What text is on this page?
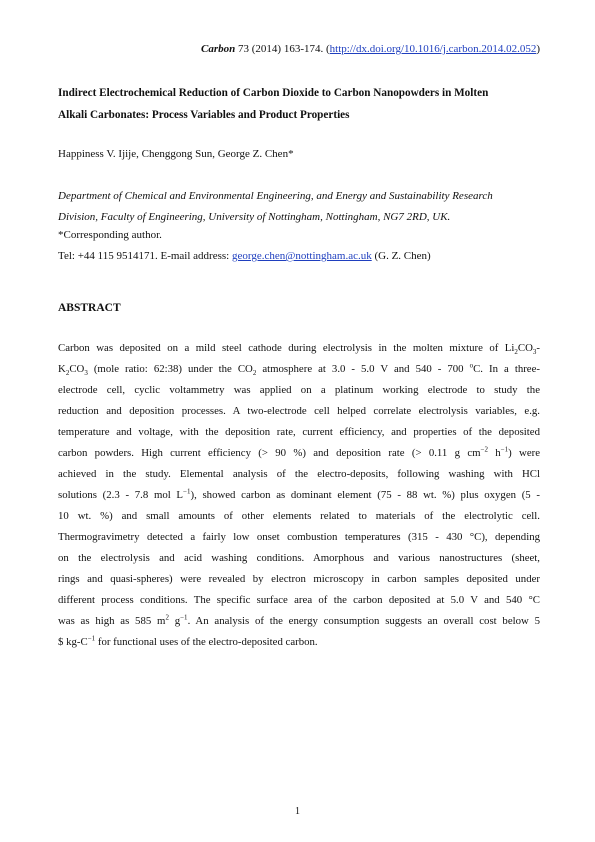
Carbon 73 (2014) 163-174. (http://dx.doi.org/10.1016/j.carbon.2014.02.052)
Indirect Electrochemical Reduction of Carbon Dioxide to Carbon Nanopowders in Molten
Alkali Carbonates: Process Variables and Product Properties
Happiness V. Ijije, Chenggong Sun, George Z. Chen*
Department of Chemical and Environmental Engineering, and Energy and Sustainability Research
Division, Faculty of Engineering, University of Nottingham, Nottingham, NG7 2RD, UK.
*Corresponding author.
Tel: +44 115 9514171. E-mail address: george.chen@nottingham.ac.uk (G. Z. Chen)
ABSTRACT
Carbon was deposited on a mild steel cathode during electrolysis in the molten mixture of $Li_2CO_3-$
$K_2CO_3$ (mole ratio: 62:38) under the $CO_2$ atmosphere at 3.0 - 5.0 V and 540 - 700 $^o$C. In a three-
electrode cell, cyclic voltammetry was applied on a platinum working electrode to study the
reduction and deposition processes. A two-electrode cell helped correlate electrolysis variables, e.g.
temperature and voltage, with the deposition rate, current efficiency, and properties of the deposited
carbon powders. High current efficiency (> 90 %) and deposition rate (> 0.11 g $cm^{-2}$ $h^{-1}$) were
achieved in the study. Elemental analysis of the electro-deposits, following washing with HCl
solutions (2.3 - 7.8 mol $L^{-1}$), showed carbon as dominant element (75 - 88 wt. %) plus oxygen (5 -
10 wt. %) and small amounts of other elements related to materials of the electrolytic cell.
Thermogravimetry detected a fairly low onset combustion temperatures (315 - 430 °C), depending
on the electrolysis and acid washing conditions. Amorphous and various nanostructures (sheet,
rings and quasi-spheres) were revealed by electron microscopy in carbon samples deposited under
different process conditions. The specific surface area of the carbon deposited at 5.0 V and 540 °C
was as high as 585 $m^2$ $g^{-1}$. An analysis of the energy consumption suggests an overall cost below 5
$ $kg-C^{-1}$ for functional uses of the electro-deposited carbon.
1
